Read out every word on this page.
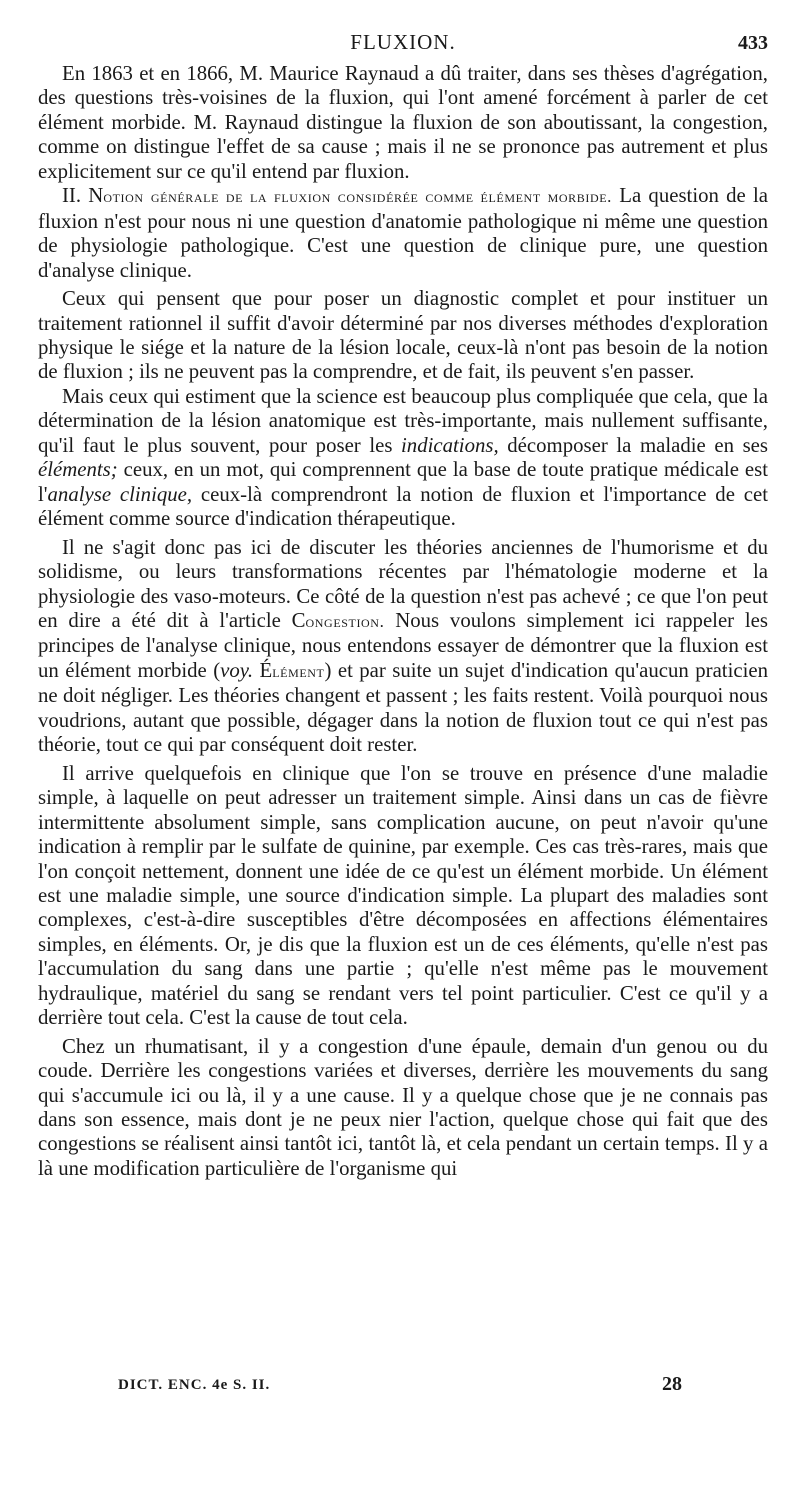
FLUXION.	433

En 1863 et en 1866, M. Maurice Raynaud a dû traiter, dans ses thèses d'agrégation, des questions très-voisines de la fluxion, qui l'ont amené forcément à parler de cet élément morbide. M. Raynaud distingue la fluxion de son aboutissant, la congestion, comme on distingue l'effet de sa cause ; mais il ne se prononce pas autrement et plus explicitement sur ce qu'il entend par fluxion.

II. Notion générale de la fluxion considérée comme élément morbide. La question de la fluxion n'est pour nous ni une question d'anatomie pathologique ni même une question de physiologie pathologique. C'est une question de clinique pure, une question d'analyse clinique.

Ceux qui pensent que pour poser un diagnostic complet et pour instituer un traitement rationnel il suffit d'avoir déterminé par nos diverses méthodes d'exploration physique le siége et la nature de la lésion locale, ceux-là n'ont pas besoin de la notion de fluxion ; ils ne peuvent pas la comprendre, et de fait, ils peuvent s'en passer.

Mais ceux qui estiment que la science est beaucoup plus compliquée que cela, que la détermination de la lésion anatomique est très-importante, mais nullement suffisante, qu'il faut le plus souvent, pour poser les indications, décomposer la maladie en ses éléments; ceux, en un mot, qui comprennent que la base de toute pratique médicale est l'analyse clinique, ceux-là comprendront la notion de fluxion et l'importance de cet élément comme source d'indication thérapeutique.

Il ne s'agit donc pas ici de discuter les théories anciennes de l'humorisme et du solidisme, ou leurs transformations récentes par l'hématologie moderne et la physiologie des vaso-moteurs. Ce côté de la question n'est pas achevé ; ce que l'on peut en dire a été dit à l'article Congestion. Nous voulons simplement ici rappeler les principes de l'analyse clinique, nous entendons essayer de démontrer que la fluxion est un élément morbide (voy. Élément) et par suite un sujet d'indication qu'aucun praticien ne doit négliger. Les théories changent et passent ; les faits restent. Voilà pourquoi nous voudrions, autant que possible, dégager dans la notion de fluxion tout ce qui n'est pas théorie, tout ce qui par conséquent doit rester.

Il arrive quelquefois en clinique que l'on se trouve en présence d'une maladie simple, à laquelle on peut adresser un traitement simple. Ainsi dans un cas de fièvre intermittente absolument simple, sans complication aucune, on peut n'avoir qu'une indication à remplir par le sulfate de quinine, par exemple. Ces cas très-rares, mais que l'on conçoit nettement, donnent une idée de ce qu'est un élément morbide. Un élément est une maladie simple, une source d'indication simple. La plupart des maladies sont complexes, c'est-à-dire susceptibles d'être décomposées en affections élémentaires simples, en éléments. Or, je dis que la fluxion est un de ces éléments, qu'elle n'est pas l'accumulation du sang dans une partie ; qu'elle n'est même pas le mouvement hydraulique, matériel du sang se rendant vers tel point particulier. C'est ce qu'il y a derrière tout cela. C'est la cause de tout cela.

Chez un rhumatisant, il y a congestion d'une épaule, demain d'un genou ou du coude. Derrière les congestions variées et diverses, derrière les mouvements du sang qui s'accumule ici ou là, il y a une cause. Il y a quelque chose que je ne connais pas dans son essence, mais dont je ne peux nier l'action, quelque chose qui fait que des congestions se réalisent ainsi tantôt ici, tantôt là, et cela pendant un certain temps. Il y a là une modification particulière de l'organisme qui

DICT. ENC. 4e S. II.	28
